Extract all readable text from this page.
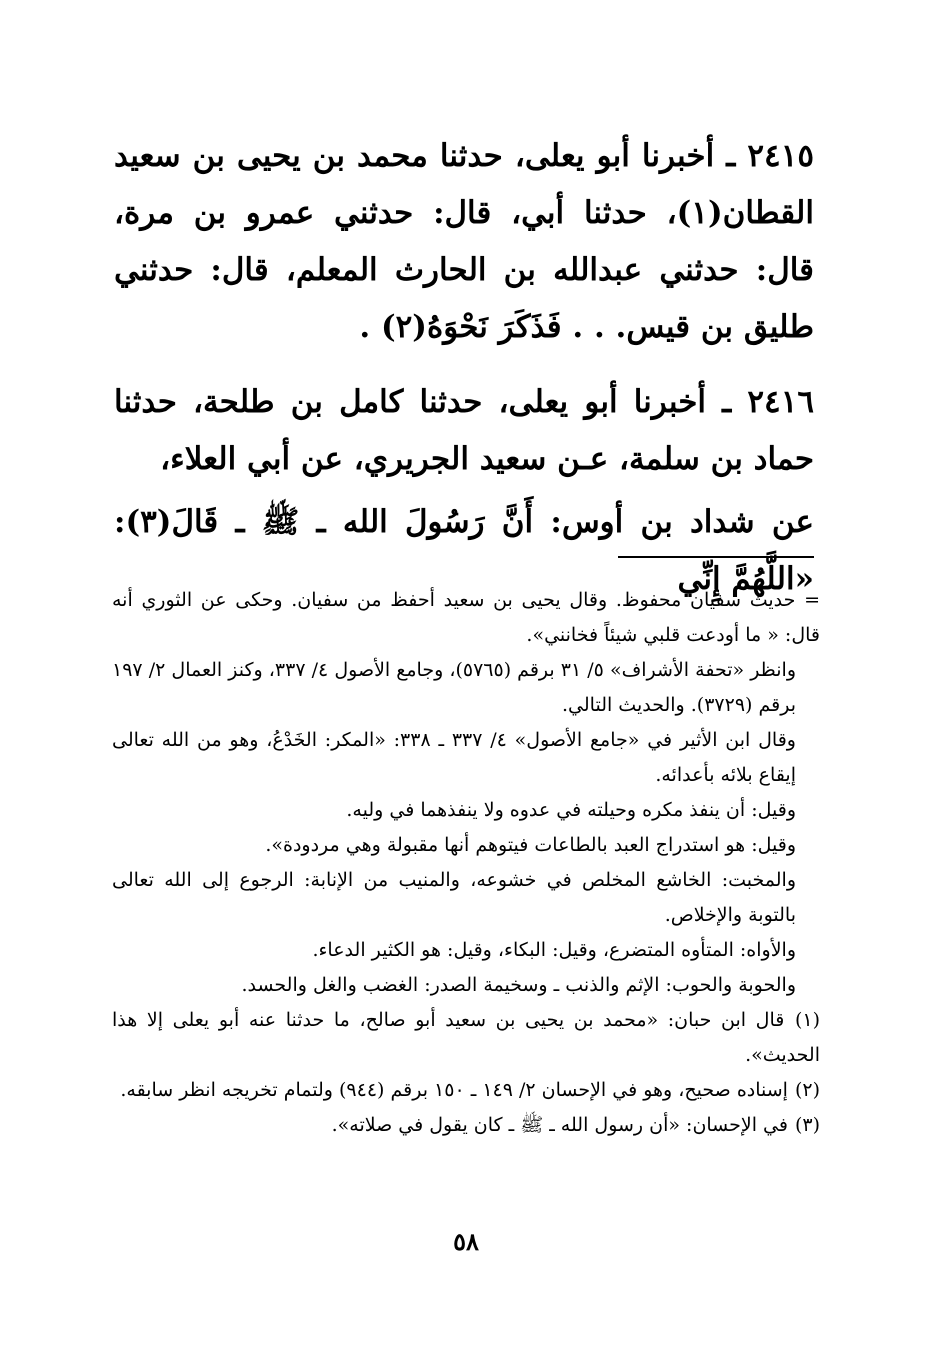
٢٤١٥ ـ أخبرنا أبو يعلى، حدثنا محمد بن يحيى بن سعيد القطان(١)، حدثنا أبي، قال: حدثني عمرو بن مرة، قال: حدثني عبدالله بن الحارث المعلم، قال: حدثني طليق بن قيس. . . فَذَكَرَ نَحْوَهُ(٢) .

٢٤١٦ ـ أخبرنا أبو يعلى، حدثنا كامل بن طلحة، حدثنا حماد بن سلمة، عـن سعيد الجريري، عن أبي العلاء،

عن شداد بن أوس: أَنَّ رَسُولَ الله ـ ﷺ ـ قَالَ(٣): «اللَّهُمَّ إِنِّي

= حديث سفيان محفوظ. وقال يحيى بن سعيد أحفظ من سفيان. وحكى عن الثوري أنه قال: « ما أودعت قلبي شيئاً فخانني».

وانظر «تحفة الأشراف» ٥/ ٣١ برقم (٥٧٦٥)، وجامع الأصول ٤/ ٣٣٧، وكنز العمال ٢/ ١٩٧ برقم (٣٧٢٩). والحديث التالي.

وقال ابن الأثير في «جامع الأصول» ٤/ ٣٣٧ ـ ٣٣٨: «المكر: الخَدْعُ، وهو من الله تعالى إيقاع بلائه بأعدائه.

وقيل: أن ينفذ مكره وحيلته في عدوه ولا ينفذهما في وليه.

وقيل: هو استدراج العبد بالطاعات فيتوهم أنها مقبولة وهي مردودة».

والمخبت: الخاشع المخلص في خشوعه، والمنيب من الإنابة: الرجوع إلى الله تعالى بالتوبة والإخلاص.

والأواه: المتأوه المتضرع، وقيل: البكاء، وقيل: هو الكثير الدعاء.

والحوبة والحوب: الإثم والذنب ـ وسخيمة الصدر: الغضب والغل والحسد.

(١) قال ابن حبان: «محمد بن يحيى بن سعيد أبو صالح، ما حدثنا عنه أبو يعلى إلا هذا الحديث».

(٢) إسناده صحيح، وهو في الإحسان ٢/ ١٤٩ ـ ١٥٠ برقم (٩٤٤) ولتمام تخريجه انظر سابقه.

(٣) في الإحسان: «أن رسول الله ـ ﷺ ـ كان يقول في صلاته».

٥٨
